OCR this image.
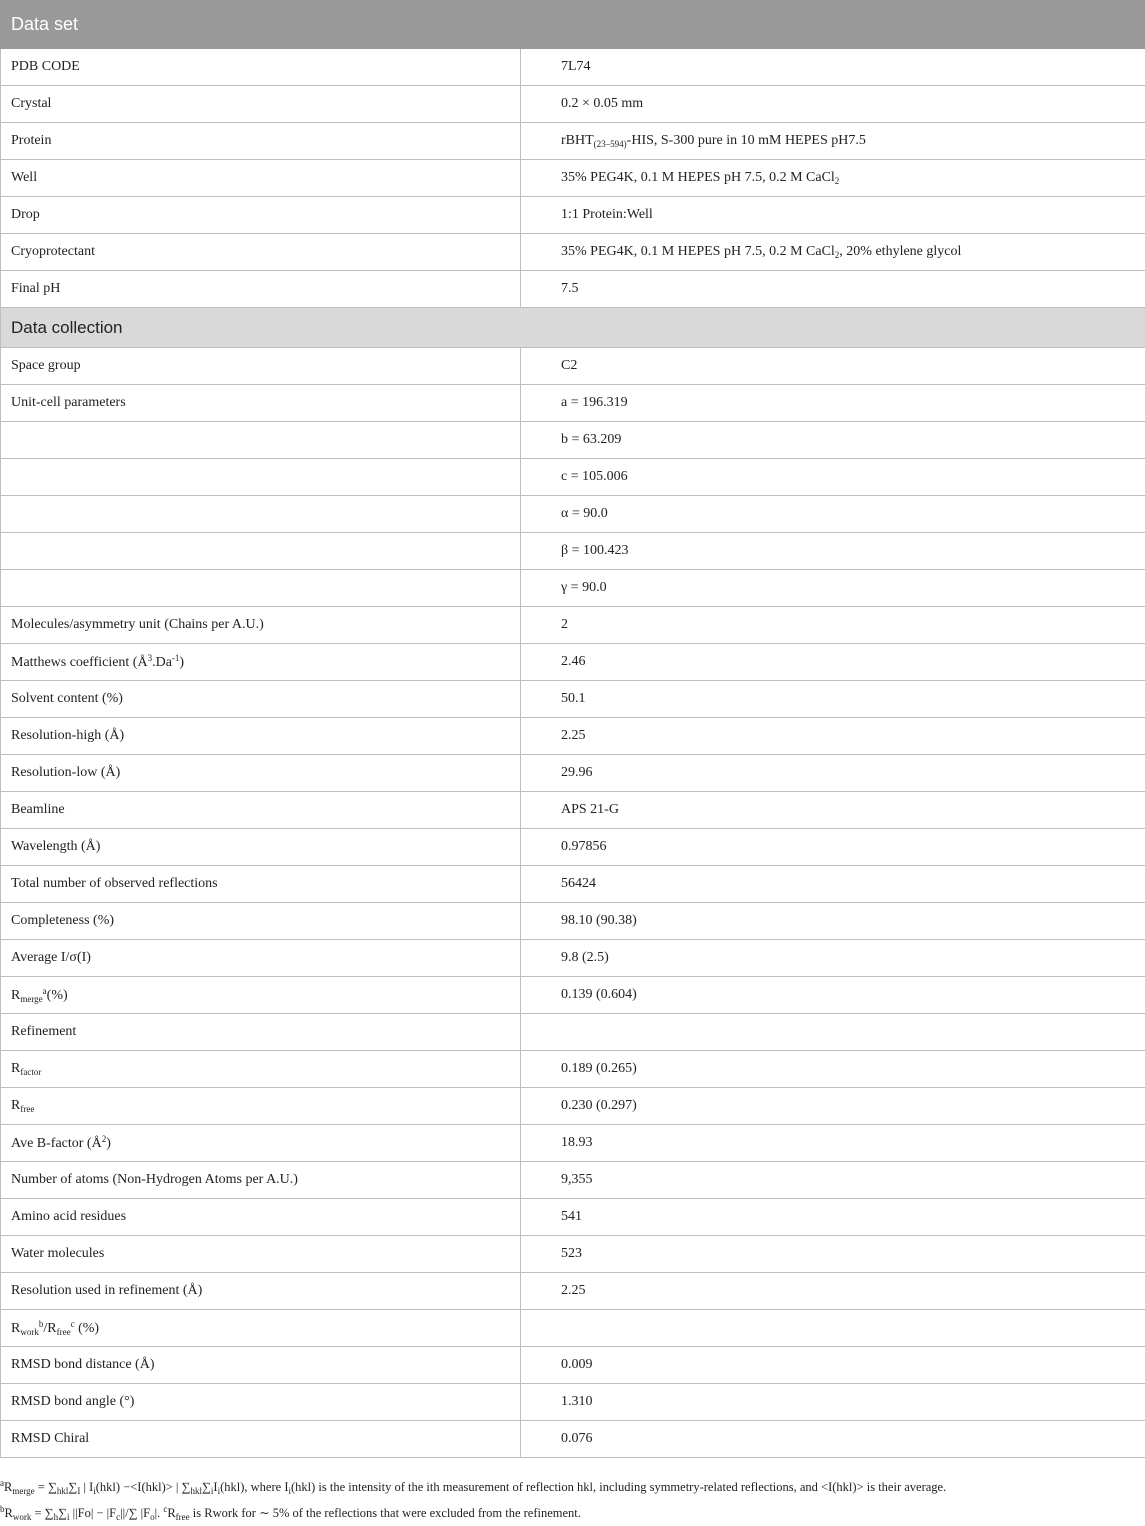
Data set	
PDB CODE	7L74
Crystal	0.2 × 0.05 mm
Protein	rBHT$_{(23-594)}$-HIS, S-300 pure in 10 mM HEPES pH7.5
Well	35% PEG4K, 0.1 M HEPES pH 7.5, 0.2 M CaCl$_2$
Drop	1:1 Protein:Well
Cryoprotectant	35% PEG4K, 0.1 M HEPES pH 7.5, 0.2 M CaCl$_2$, 20% ethylene glycol
Final pH	7.5
Data collection	
Space group	C2
Unit-cell parameters	a = 196.319
	b = 63.209
	c = 105.006
	α = 90.0
	β = 100.423
	γ = 90.0
Molecules/asymmetry unit (Chains per A.U.)	2
Matthews coefficient $(Å^3.Da^{-1})$	2.46
Solvent content (%)	50.1
Resolution-high (Å)	2.25
Resolution-low (Å)	29.96
Beamline	APS 21-G
Wavelength (Å)	0.97856
Total number of observed reflections	56424
Completeness (%)	98.10 (90.38)
Average I/σ(I)	9.8 (2.5)
$R_{merge}^a(\%)$	0.139 (0.604)
Refinement	
$R_{factor}$	0.189 (0.265)
$R_{free}$	0.230 (0.297)
Ave B-factor $(Å^2)$	18.93
Number of atoms (Non-Hydrogen Atoms per A.U.)	9,355
Amino acid residues	541
Water molecules	523
Resolution used in refinement (Å)	2.25
$R_{work}^b/R_{free}^c$ (%)	
RMSD bond distance (Å)	0.009
RMSD bond angle (°)	1.310
RMSD Chiral	0.076
$^aR_{merge} = \sum_{hkl}\sum_I$ | $I_i(hkl) -<I(hkl)>$ | $\sum_{hkl}\sum_iI_i(hkl)$, where $I_i(hkl)$ is the intensity of the ith measurement of reflection hkl, including symmetry-related reflections, and <I(hkl)> is their average.
$^bR_{work} = \sum_h\sum_i$ $||Fo| - |F_c||/\sum$ $|F_o|$. $^cR_{free}$ is Rwork for ∼ 5% of the reflections that were excluded from the refinement.
